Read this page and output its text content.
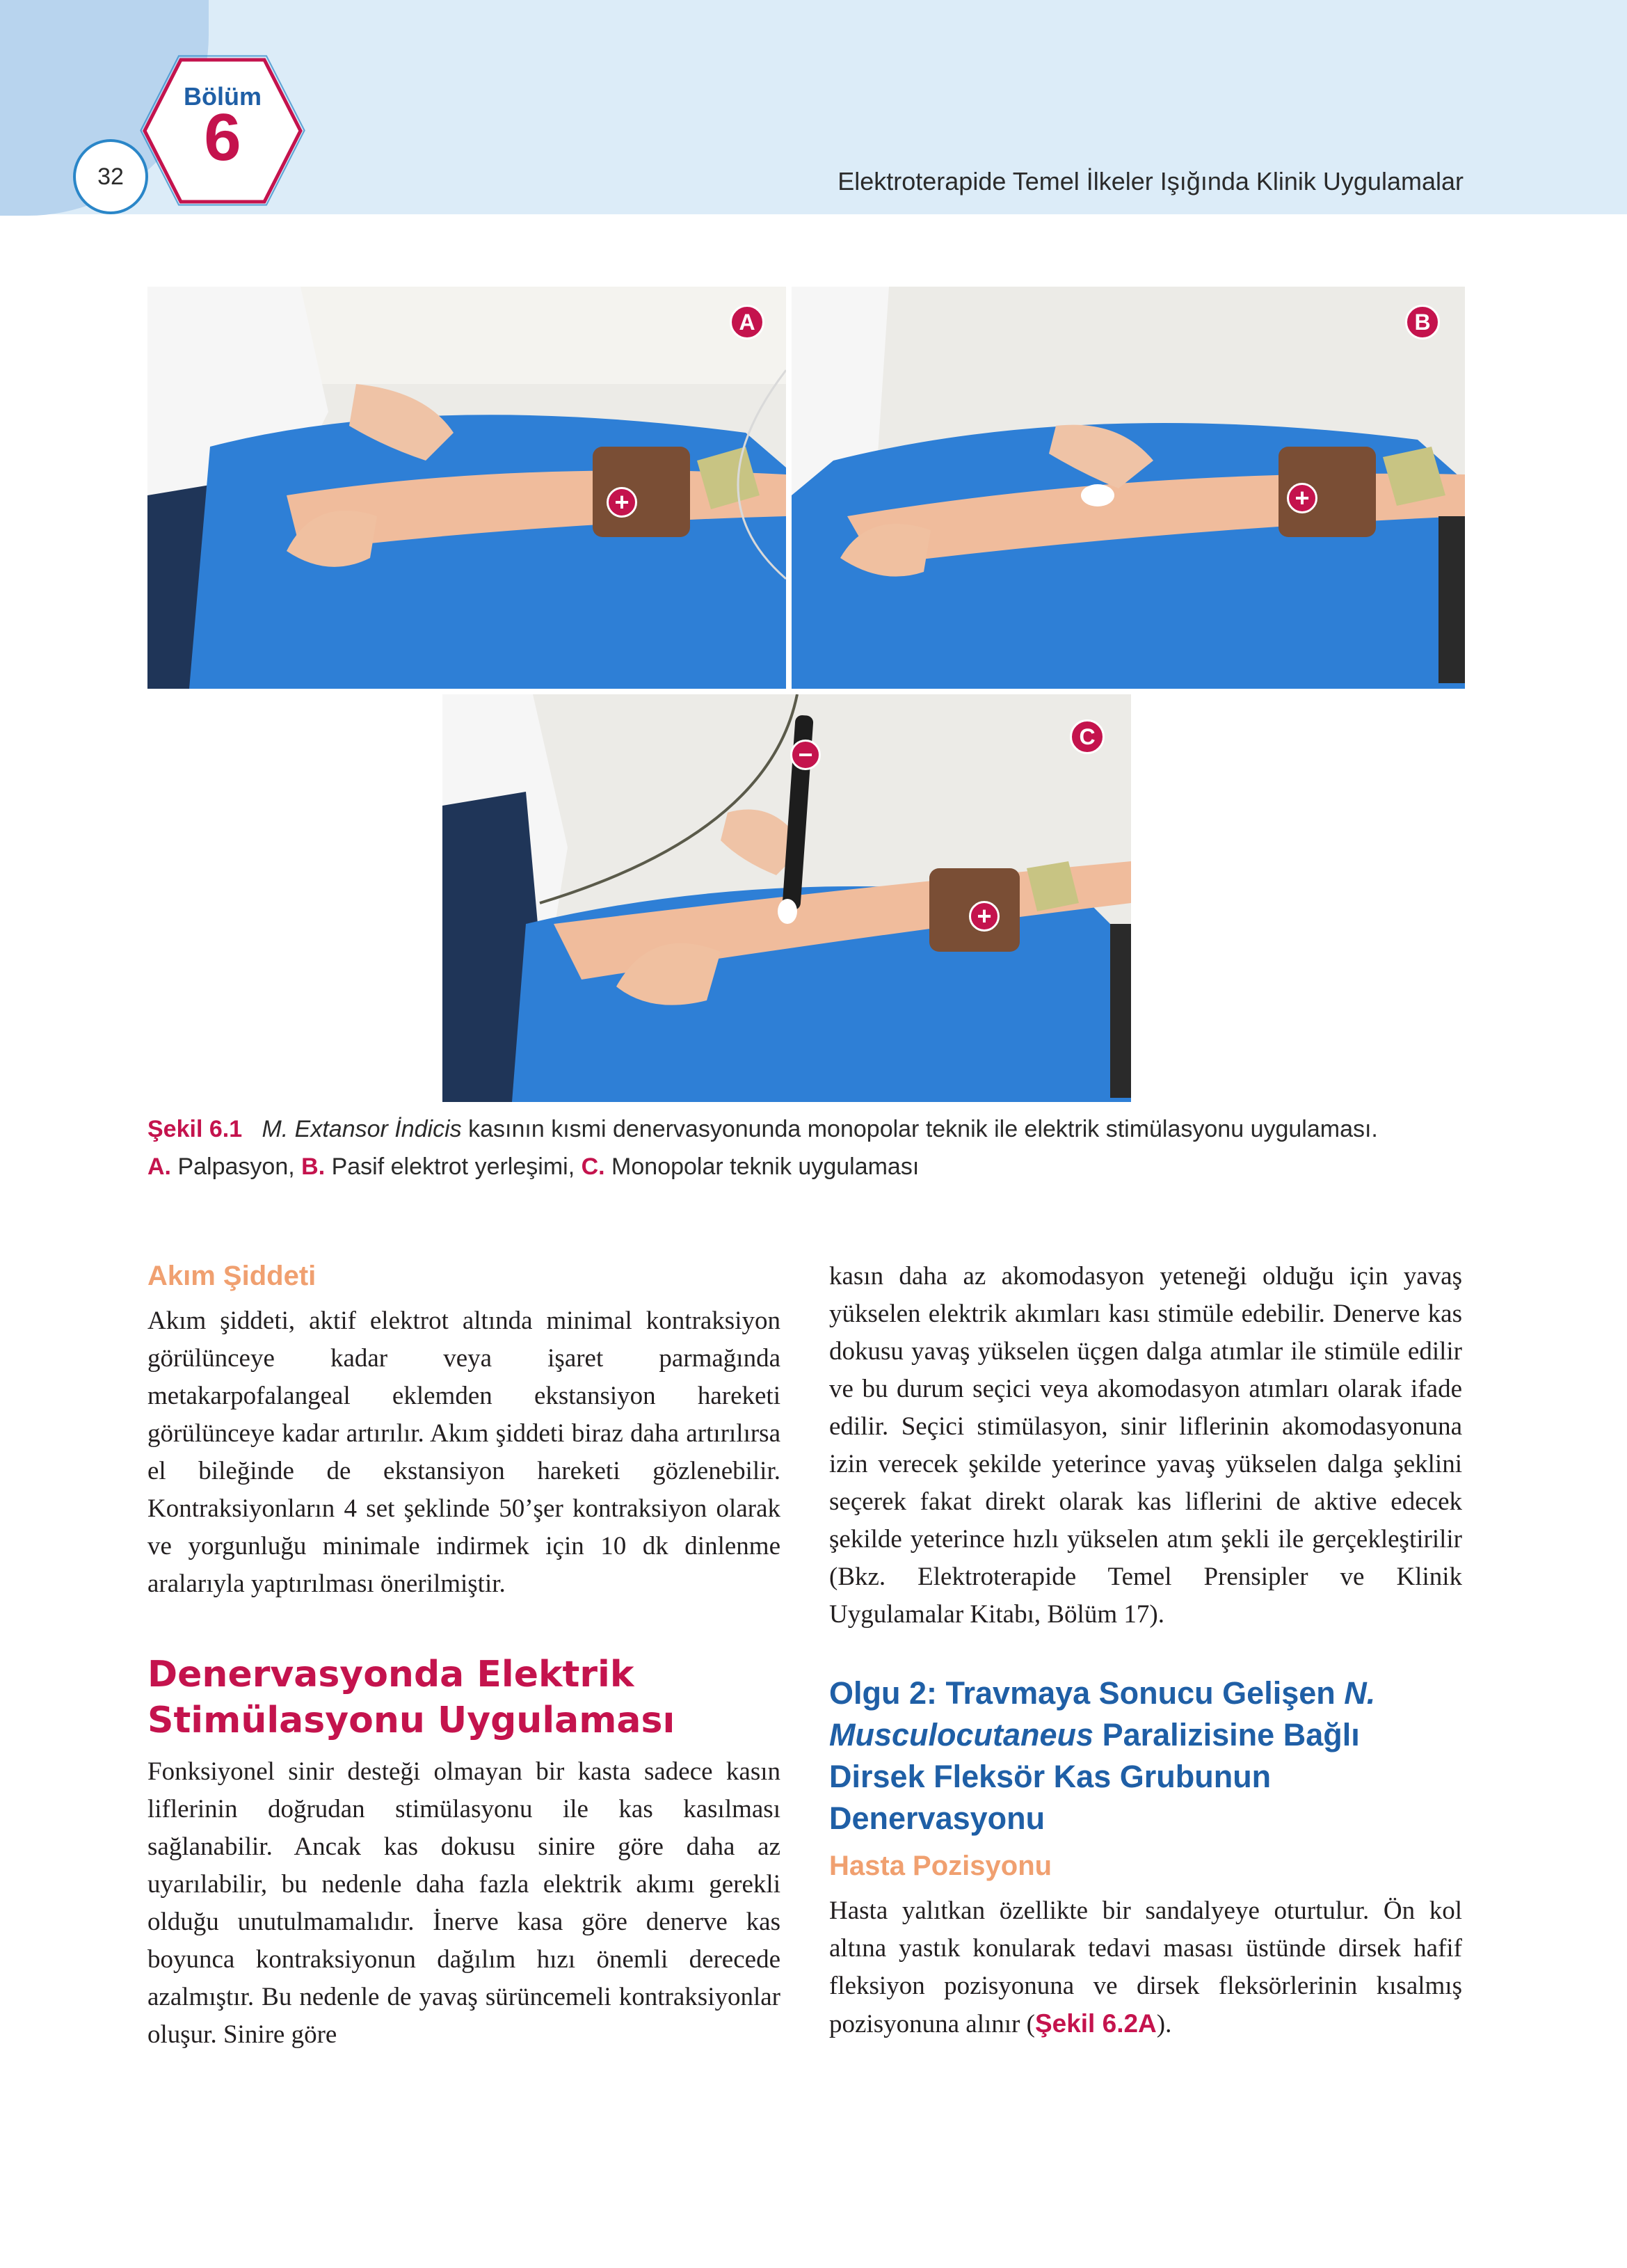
32
Bölüm
6
Elektroterapide Temel İlkeler Işığında Klinik Uygulamalar
A
+
B
+
C
−
+
Şekil 6.1 M. Extansor İndicis kasının kısmi denervasyonunda monopolar teknik ile elektrik stimülasyonu uygulaması.
A. Palpasyon, B. Pasif elektrot yerleşimi, C. Monopolar teknik uygulaması
Akım Şiddeti

Akım şiddeti, aktif elektrot altında minimal kontraksiyon görülünceye kadar veya işaret parmağında metakarpofalangeal eklemden ekstansiyon hareketi görülünceye kadar artırılır. Akım şiddeti biraz daha artırılırsa el bileğinde de ekstansiyon hareketi gözlenebilir. Kontraksiyonların 4 set şeklinde 50’şer kontraksiyon olarak ve yorgunluğu minimale indirmek için 10 dk dinlenme aralarıyla yaptırılması önerilmiştir.

Denervasyonda Elektrik
Stimülasyonu Uygulaması

Fonksiyonel sinir desteği olmayan bir kasta sadece kasın liflerinin doğrudan stimülasyonu ile kas kasılması sağlanabilir. Ancak kas dokusu sinire göre daha az uyarılabilir, bu nedenle daha fazla elektrik akımı gerekli olduğu unutulmamalıdır. İnerve kasa göre denerve kas boyunca kontraksiyonun dağılım hızı önemli derecede azalmıştır. Bu nedenle de yavaş sürüncemeli kontraksiyonlar oluşur. Sinire göre

kasın daha az akomodasyon yeteneği olduğu için yavaş yükselen elektrik akımları kası stimüle edebilir. Denerve kas dokusu yavaş yükselen üçgen dalga atımlar ile stimüle edilir ve bu durum seçici veya akomodasyon atımları olarak ifade edilir. Seçici stimülasyon, sinir liflerinin akomodasyonuna izin verecek şekilde yeterince yavaş yükselen dalga şeklini seçerek fakat direkt olarak kas liflerini de aktive edecek şekilde yeterince hızlı yükselen atım şekli ile gerçekleştirilir (Bkz. Elektroterapide Temel Prensipler ve Klinik Uygulamalar Kitabı, Bölüm 17).

Olgu 2: Travmaya Sonucu Gelişen N. Musculocutaneus Paralizisine Bağlı Dirsek Fleksör Kas Grubunun Denervasyonu
Hasta Pozisyonu

Hasta yalıtkan özellikte bir sandalyeye oturtulur. Ön kol altına yastık konularak tedavi masası üstünde dirsek hafif fleksiyon pozisyonuna ve dirsek fleksörlerinin kısalmış pozisyonuna alınır (Şekil 6.2A).
